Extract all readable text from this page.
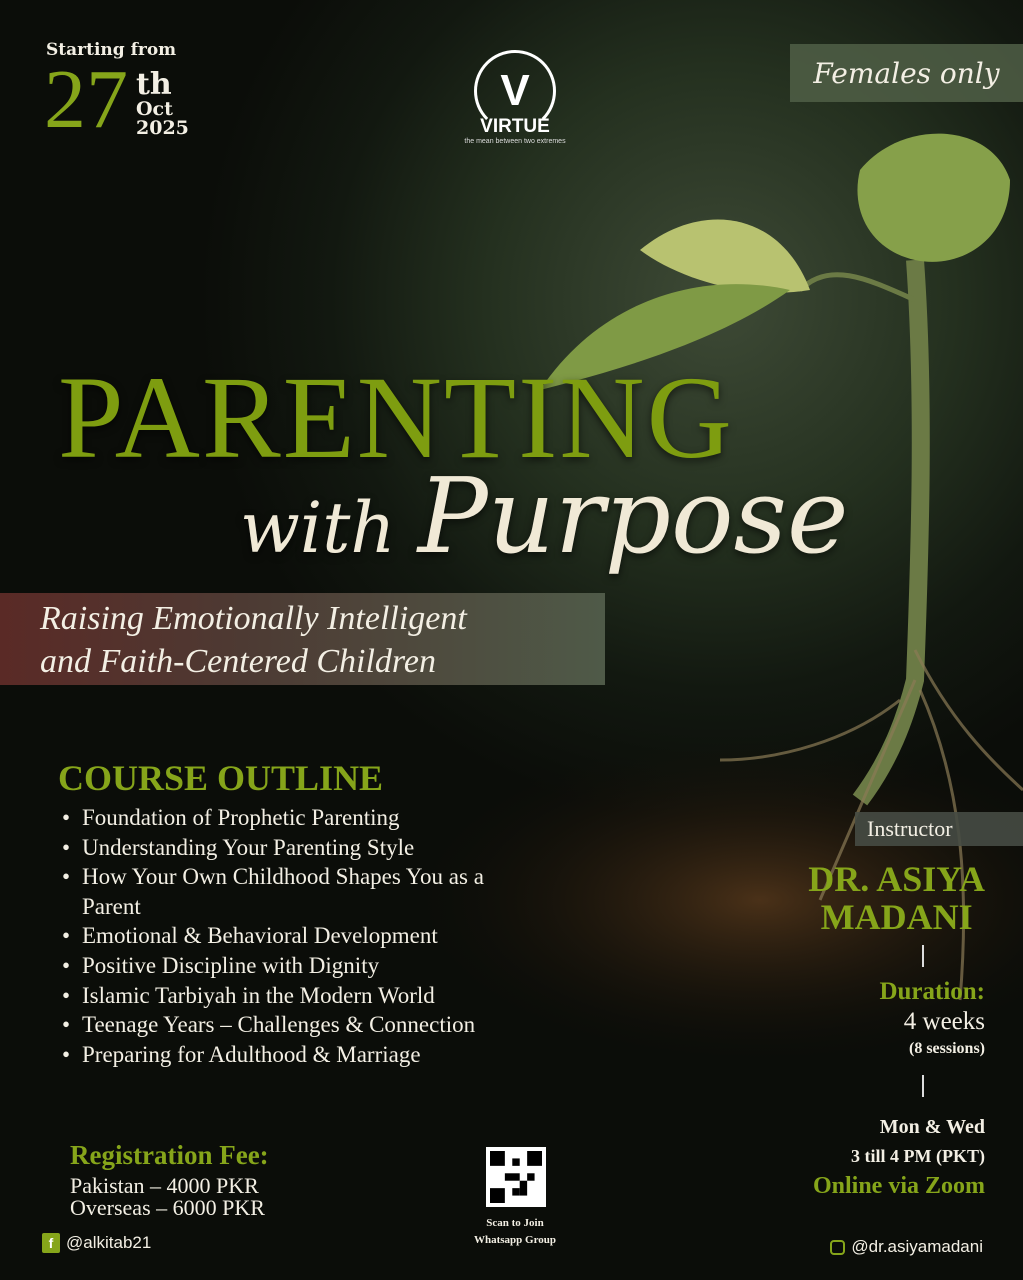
Starting from
27 th
Oct
2025
V
VIRTUE
the mean between two extremes
Females only
PARENTING
with Purpose
Raising Emotionally Intelligent
and Faith-Centered Children
COURSE OUTLINE
• Foundation of Prophetic Parenting
• Understanding Your Parenting Style
• How Your Own Childhood Shapes You as a Parent
• Emotional & Behavioral Development
• Positive Discipline with Dignity
• Islamic Tarbiyah in the Modern World
• Teenage Years – Challenges & Connection
• Preparing for Adulthood & Marriage
Instructor
DR. ASIYA
MADANI
Duration:
4 weeks
(8 sessions)
Mon & Wed
3 till 4 PM (PKT)
Online via Zoom
Registration Fee:
Pakistan – 4000 PKR
Overseas – 6000 PKR
Scan to Join
Whatsapp Group
f @alkitab21	@dr.asiyamadani
